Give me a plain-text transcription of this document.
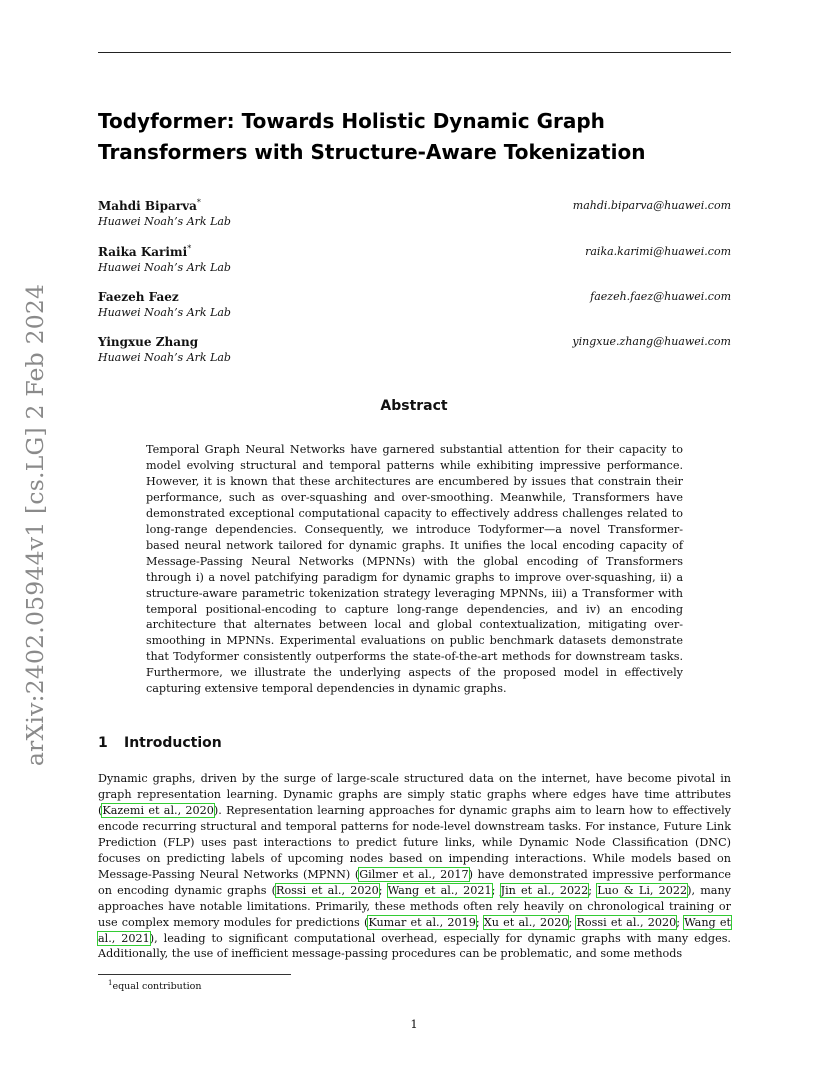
arXiv:2402.05944v1 [cs.LG] 2 Feb 2024
Todyformer: Towards Holistic Dynamic Graph Transformers with Structure-Aware Tokenization
Mahdi Biparva*
Huawei Noah’s Ark Lab
mahdi.biparva@huawei.com
Raika Karimi*
Huawei Noah’s Ark Lab
raika.karimi@huawei.com
Faezeh Faez
Huawei Noah’s Ark Lab
faezeh.faez@huawei.com
Yingxue Zhang
Huawei Noah’s Ark Lab
yingxue.zhang@huawei.com
Abstract

Temporal Graph Neural Networks have garnered substantial attention for their capacity to model evolving structural and temporal patterns while exhibiting impressive performance. However, it is known that these architectures are encumbered by issues that constrain their performance, such as over-squashing and over-smoothing. Meanwhile, Transformers have demonstrated exceptional computational capacity to effectively address challenges related to long-range dependencies. Consequently, we introduce Todyformer—a novel Transformer-based neural network tailored for dynamic graphs. It unifies the local encoding capacity of Message-Passing Neural Networks (MPNNs) with the global encoding of Transformers through i) a novel patchifying paradigm for dynamic graphs to improve over-squashing, ii) a structure-aware parametric tokenization strategy leveraging MPNNs, iii) a Transformer with temporal positional-encoding to capture long-range dependencies, and iv) an encoding architecture that alternates between local and global contextualization, mitigating over-smoothing in MPNNs. Experimental evaluations on public benchmark datasets demonstrate that Todyformer consistently outperforms the state-of-the-art methods for downstream tasks. Furthermore, we illustrate the underlying aspects of the proposed model in effectively capturing extensive temporal dependencies in dynamic graphs.

1 Introduction

Dynamic graphs, driven by the surge of large-scale structured data on the internet, have become pivotal in graph representation learning. Dynamic graphs are simply static graphs where edges have time attributes (Kazemi et al., 2020). Representation learning approaches for dynamic graphs aim to learn how to effectively encode recurring structural and temporal patterns for node-level downstream tasks. For instance, Future Link Prediction (FLP) uses past interactions to predict future links, while Dynamic Node Classification (DNC) focuses on predicting labels of upcoming nodes based on impending interactions. While models based on Message-Passing Neural Networks (MPNN) (Gilmer et al., 2017) have demonstrated impressive performance on encoding dynamic graphs (Rossi et al., 2020; Wang et al., 2021; Jin et al., 2022; Luo & Li, 2022), many approaches have notable limitations. Primarily, these methods often rely heavily on chronological training or use complex memory modules for predictions (Kumar et al., 2019; Xu et al., 2020; Rossi et al., 2020; Wang et al., 2021), leading to significant computational overhead, especially for dynamic graphs with many edges. Additionally, the use of inefficient message-passing procedures can be problematic, and some methods

$^1$equal contribution
1
